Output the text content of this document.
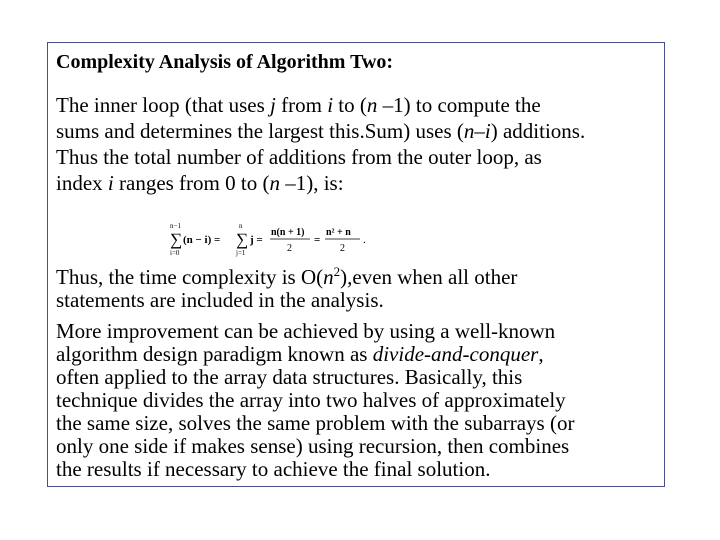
Complexity Analysis of Algorithm Two:
The inner loop (that uses j from i to (n –1) to compute the
sums and determines the largest this.Sum) uses (n–i) additions.
Thus the total number of additions from the outer loop, as
index i ranges from 0 to (n –1), is:
n−1
∑
i=0
(n − i) =
n
∑
j=1
j =
n(n + 1)
2
=
n² + n
2
.
Thus, the time complexity is $O(n^2),even$ when all other
statements are included in the analysis.
More improvement can be achieved by using a well-known
algorithm design paradigm known as divide-and-conquer,
often applied to the array data structures. Basically, this
technique divides the array into two halves of approximately
the same size, solves the same problem with the subarrays (or
only one side if makes sense) using recursion, then combines
the results if necessary to achieve the final solution.
